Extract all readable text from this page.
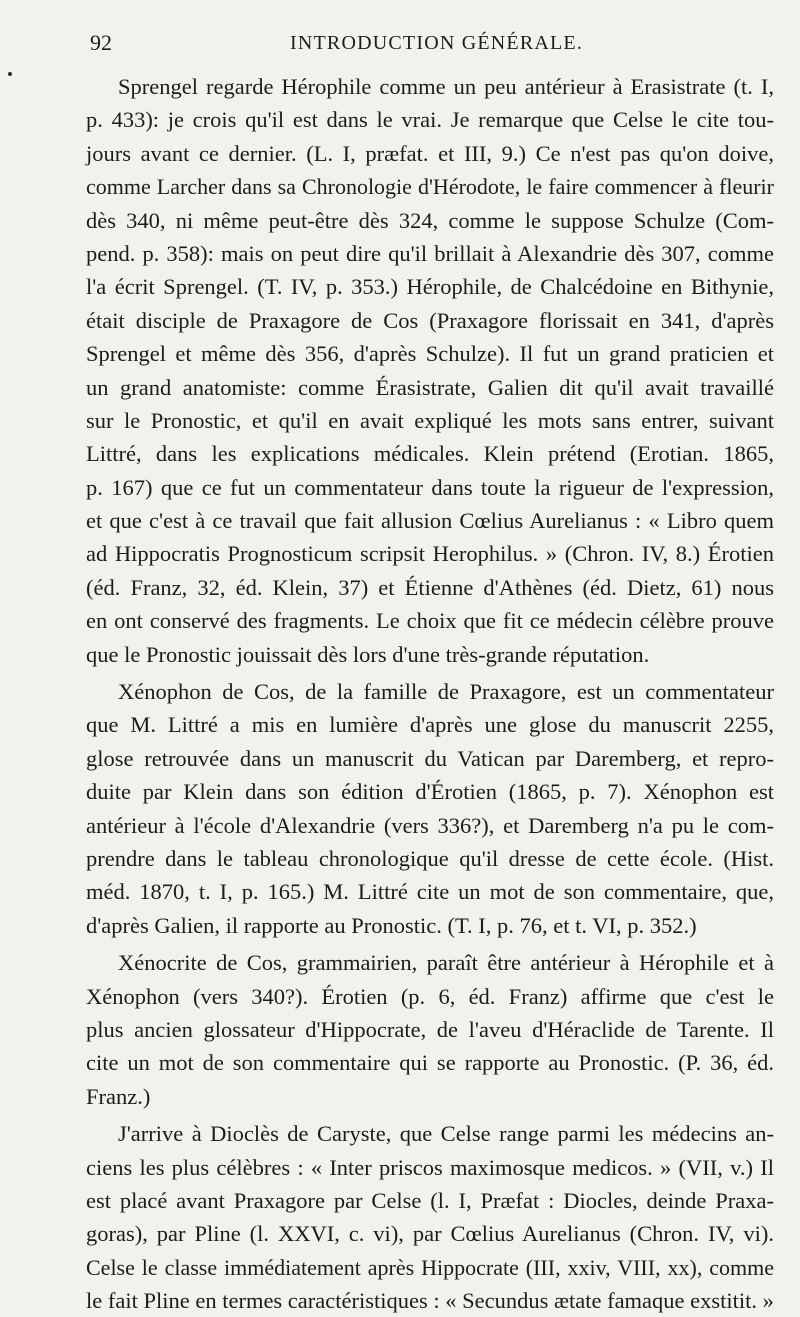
92	INTRODUCTION GÉNÉRALE.
Sprengel regarde Hérophile comme un peu antérieur à Erasistrate (t. I,
p. 433): je crois qu'il est dans le vrai. Je remarque que Celse le cite tou-
jours avant ce dernier. (L. I, præfat. et III, 9.) Ce n'est pas qu'on doive,
comme Larcher dans sa Chronologie d'Hérodote, le faire commencer à fleurir
dès 340, ni même peut-être dès 324, comme le suppose Schulze (Com-
pend. p. 358): mais on peut dire qu'il brillait à Alexandrie dès 307, comme
l'a écrit Sprengel. (T. IV, p. 353.) Hérophile, de Chalcédoine en Bithynie,
était disciple de Praxagore de Cos (Praxagore florissait en 341, d'après
Sprengel et même dès 356, d'après Schulze). Il fut un grand praticien et
un grand anatomiste: comme Érasistrate, Galien dit qu'il avait travaillé
sur le Pronostic, et qu'il en avait expliqué les mots sans entrer, suivant
Littré, dans les explications médicales. Klein prétend (Erotian. 1865,
p. 167) que ce fut un commentateur dans toute la rigueur de l'expression,
et que c'est à ce travail que fait allusion Cœlius Aurelianus : « Libro quem
ad Hippocratis Prognosticum scripsit Herophilus. » (Chron. IV, 8.) Érotien
(éd. Franz, 32, éd. Klein, 37) et Étienne d'Athènes (éd. Dietz, 61) nous
en ont conservé des fragments. Le choix que fit ce médecin célèbre prouve
que le Pronostic jouissait dès lors d'une très-grande réputation.
Xénophon de Cos, de la famille de Praxagore, est un commentateur
que M. Littré a mis en lumière d'après une glose du manuscrit 2255,
glose retrouvée dans un manuscrit du Vatican par Daremberg, et repro-
duite par Klein dans son édition d'Érotien (1865, p. 7). Xénophon est
antérieur à l'école d'Alexandrie (vers 336?), et Daremberg n'a pu le com-
prendre dans le tableau chronologique qu'il dresse de cette école. (Hist.
méd. 1870, t. I, p. 165.) M. Littré cite un mot de son commentaire, que,
d'après Galien, il rapporte au Pronostic. (T. I, p. 76, et t. VI, p. 352.)
Xénocrite de Cos, grammairien, paraît être antérieur à Hérophile et à
Xénophon (vers 340?). Érotien (p. 6, éd. Franz) affirme que c'est le
plus ancien glossateur d'Hippocrate, de l'aveu d'Héraclide de Tarente. Il
cite un mot de son commentaire qui se rapporte au Pronostic. (P. 36, éd.
Franz.)
J'arrive à Dioclès de Caryste, que Celse range parmi les médecins an-
ciens les plus célèbres : « Inter priscos maximosque medicos. » (VII, v.) Il
est placé avant Praxagore par Celse (l. I, Præfat : Diocles, deinde Praxa-
goras), par Pline (l. XXVI, c. vi), par Cœlius Aurelianus (Chron. IV, vi).
Celse le classe immédiatement après Hippocrate (III, xxiv, VIII, xx), comme
le fait Pline en termes caractéristiques : « Secundus ætate famaque exstitit. »
